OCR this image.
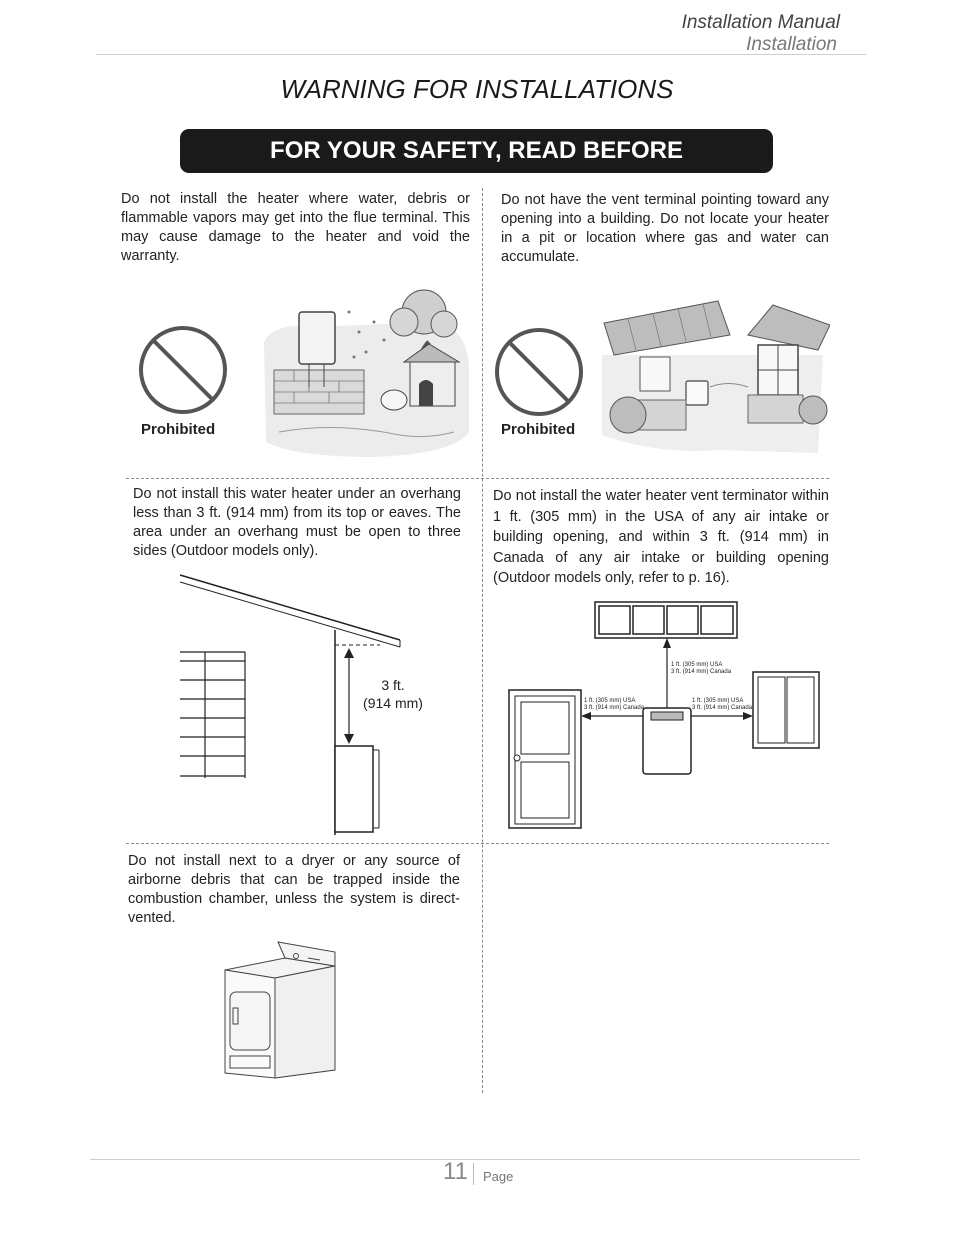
Installation Manual
Installation
WARNING FOR INSTALLATIONS
FOR YOUR SAFETY, READ BEFORE INSTALLATION:
Do not install the heater where water, debris or flammable vapors may get into the flue terminal. This may cause damage to the heater and void the warranty.
Prohibited
Do not have the vent terminal pointing toward any opening into a building. Do not locate your heater in a pit or location where gas and water can accumulate.
Prohibited
Do not install this water heater under an overhang less than 3 ft. (914 mm) from its top or eaves. The area under an overhang must be open to three sides (Outdoor models only).
3 ft.
(914 mm)
Do not install the water heater vent terminator within 1 ft. (305 mm) in the USA of any air intake or building opening, and within 3 ft. (914 mm) in Canada of any air intake or building opening (Outdoor models only, refer to p. 16).
1 ft. (305 mm) USA
3 ft. (914 mm) Canada
1 ft. (305 mm) USA
3 ft. (914 mm) Canada
1 ft. (305 mm) USA
3 ft. (914 mm) Canada
Do not install next to a dryer or any source of airborne debris that can be trapped inside the combustion chamber, unless the system is direct-vented.
11 Page
